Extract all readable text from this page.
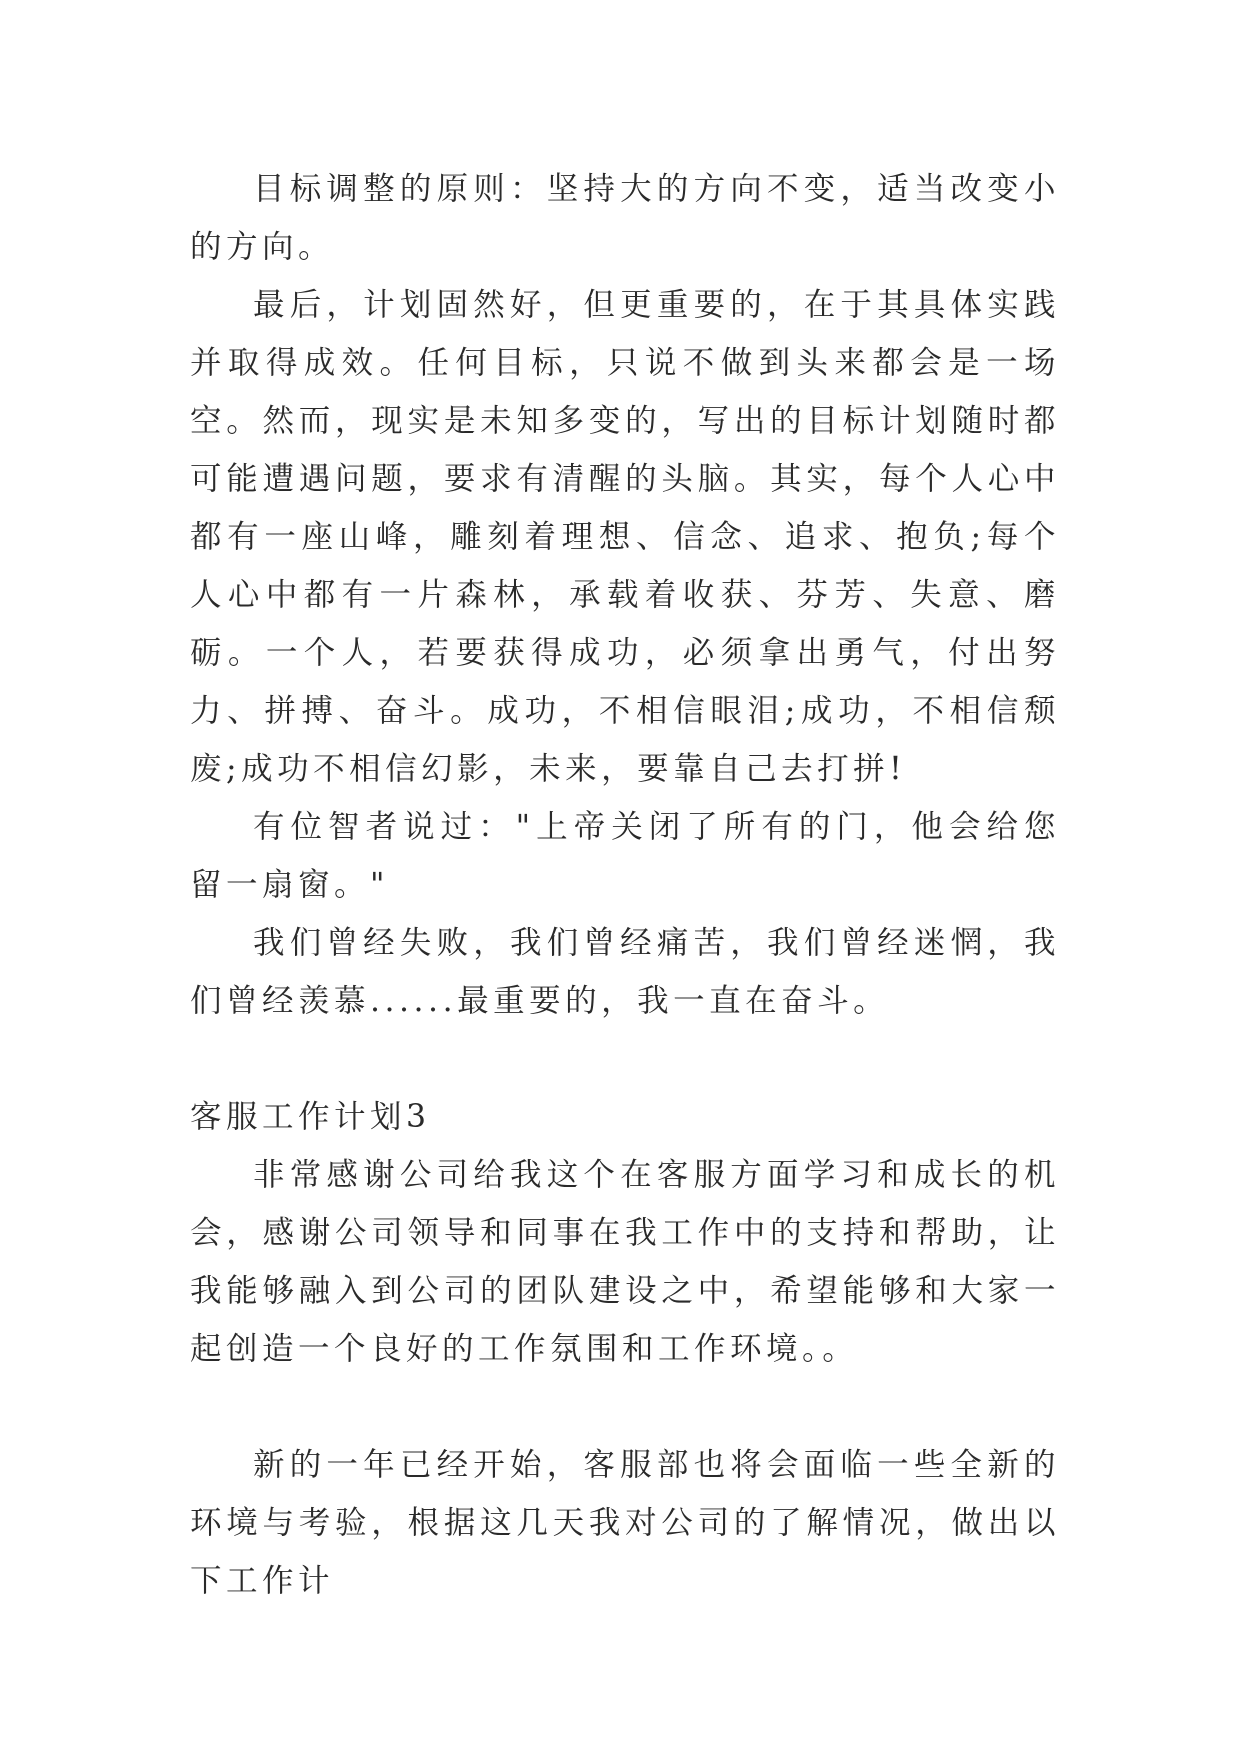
目标调整的原则：坚持大的方向不变，适当改变小的方向。

最后，计划固然好，但更重要的，在于其具体实践并取得成效。任何目标，只说不做到头来都会是一场空。然而，现实是未知多变的，写出的目标计划随时都可能遭遇问题，要求有清醒的头脑。其实，每个人心中都有一座山峰，雕刻着理想、信念、追求、抱负;每个人心中都有一片森林，承载着收获、芬芳、失意、磨砺。一个人，若要获得成功，必须拿出勇气，付出努力、拼搏、奋斗。成功，不相信眼泪;成功，不相信颓废;成功不相信幻影，未来，要靠自己去打拼!

有位智者说过："上帝关闭了所有的门，他会给您留一扇窗。"

我们曾经失败，我们曾经痛苦，我们曾经迷惘，我们曾经羡慕......最重要的，我一直在奋斗。

客服工作计划3

非常感谢公司给我这个在客服方面学习和成长的机会，感谢公司领导和同事在我工作中的支持和帮助，让我能够融入到公司的团队建设之中，希望能够和大家一起创造一个良好的工作氛围和工作环境。。

新的一年已经开始，客服部也将会面临一些全新的环境与考验，根据这几天我对公司的了解情况，做出以下工作计
